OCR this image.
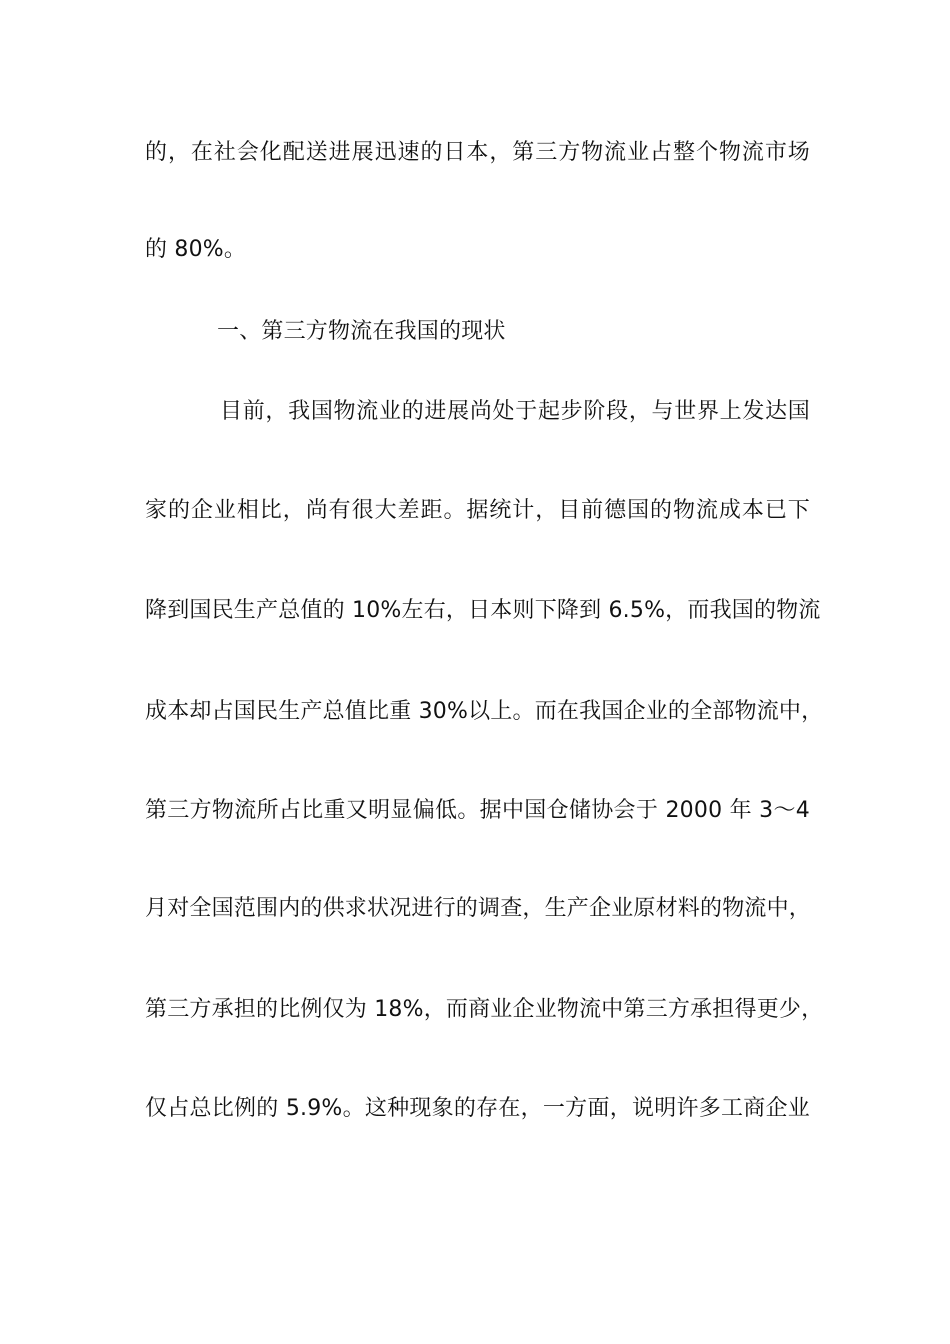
的，在社会化配送进展迅速的日本，第三方物流业占整个物流市场
的 80%。
一、第三方物流在我国的现状
目前，我国物流业的进展尚处于起步阶段，与世界上发达国
家的企业相比，尚有很大差距。据统计，目前德国的物流成本已下
降到国民生产总值的 10%左右，日本则下降到 6.5%，而我国的物流
成本却占国民生产总值比重 30%以上。而在我国企业的全部物流中，
第三方物流所占比重又明显偏低。据中国仓储协会于 2000 年 3～4
月对全国范围内的供求状况进行的调查，生产企业原材料的物流中，
第三方承担的比例仅为 18%，而商业企业物流中第三方承担得更少，
仅占总比例的 5.9%。这种现象的存在，一方面，说明许多工商企业
